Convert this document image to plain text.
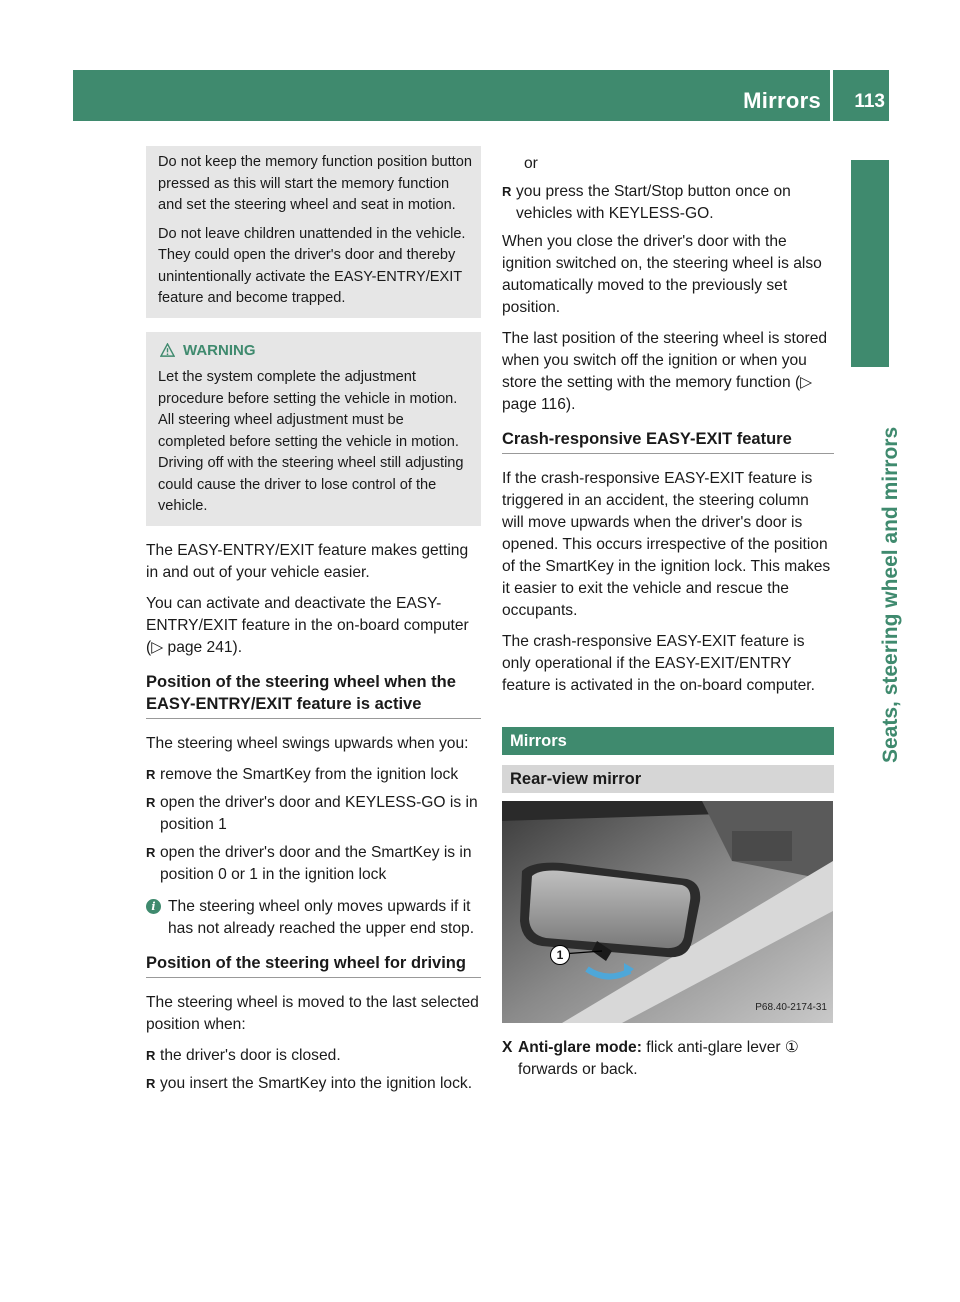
Mirrors 113
Seats, steering wheel and mirrors

Do not keep the memory function position button pressed as this will start the memory function and set the steering wheel and seat in motion.

Do not leave children unattended in the vehicle. They could open the driver's door and thereby unintentionally activate the EASY-ENTRY/EXIT feature and become trapped.

WARNING

Let the system complete the adjustment procedure before setting the vehicle in motion. All steering wheel adjustment must be completed before setting the vehicle in motion. Driving off with the steering wheel still adjusting could cause the driver to lose control of the vehicle.

The EASY-ENTRY/EXIT feature makes getting in and out of your vehicle easier.

You can activate and deactivate the EASY-ENTRY/EXIT feature in the on-board computer (▷ page 241).

Position of the steering wheel when the EASY-ENTRY/EXIT feature is active

The steering wheel swings upwards when you:

R remove the SmartKey from the ignition lock
R open the driver's door and KEYLESS-GO is in position 1
R open the driver's door and the SmartKey is in position 0 or 1 in the ignition lock
i The steering wheel only moves upwards if it has not already reached the upper end stop.
Position of the steering wheel for driving

The steering wheel is moved to the last selected position when:

R the driver's door is closed.
R you insert the SmartKey into the ignition lock.

or

R you press the Start/Stop button once on vehicles with KEYLESS-GO.

When you close the driver's door with the ignition switched on, the steering wheel is also automatically moved to the previously set position.

The last position of the steering wheel is stored when you switch off the ignition or when you store the setting with the memory function (▷ page 116).

Crash-responsive EASY-EXIT feature

If the crash-responsive EASY-EXIT feature is triggered in an accident, the steering column will move upwards when the driver's door is opened. This occurs irrespective of the position of the SmartKey in the ignition lock. This makes it easier to exit the vehicle and rescue the occupants.

The crash-responsive EASY-EXIT feature is only operational if the EASY-EXIT/ENTRY feature is activated in the on-board computer.

Mirrors
Rear-view mirror
1
P68.40-2174-31
X Anti-glare mode: flick anti-glare lever ① forwards or back.
